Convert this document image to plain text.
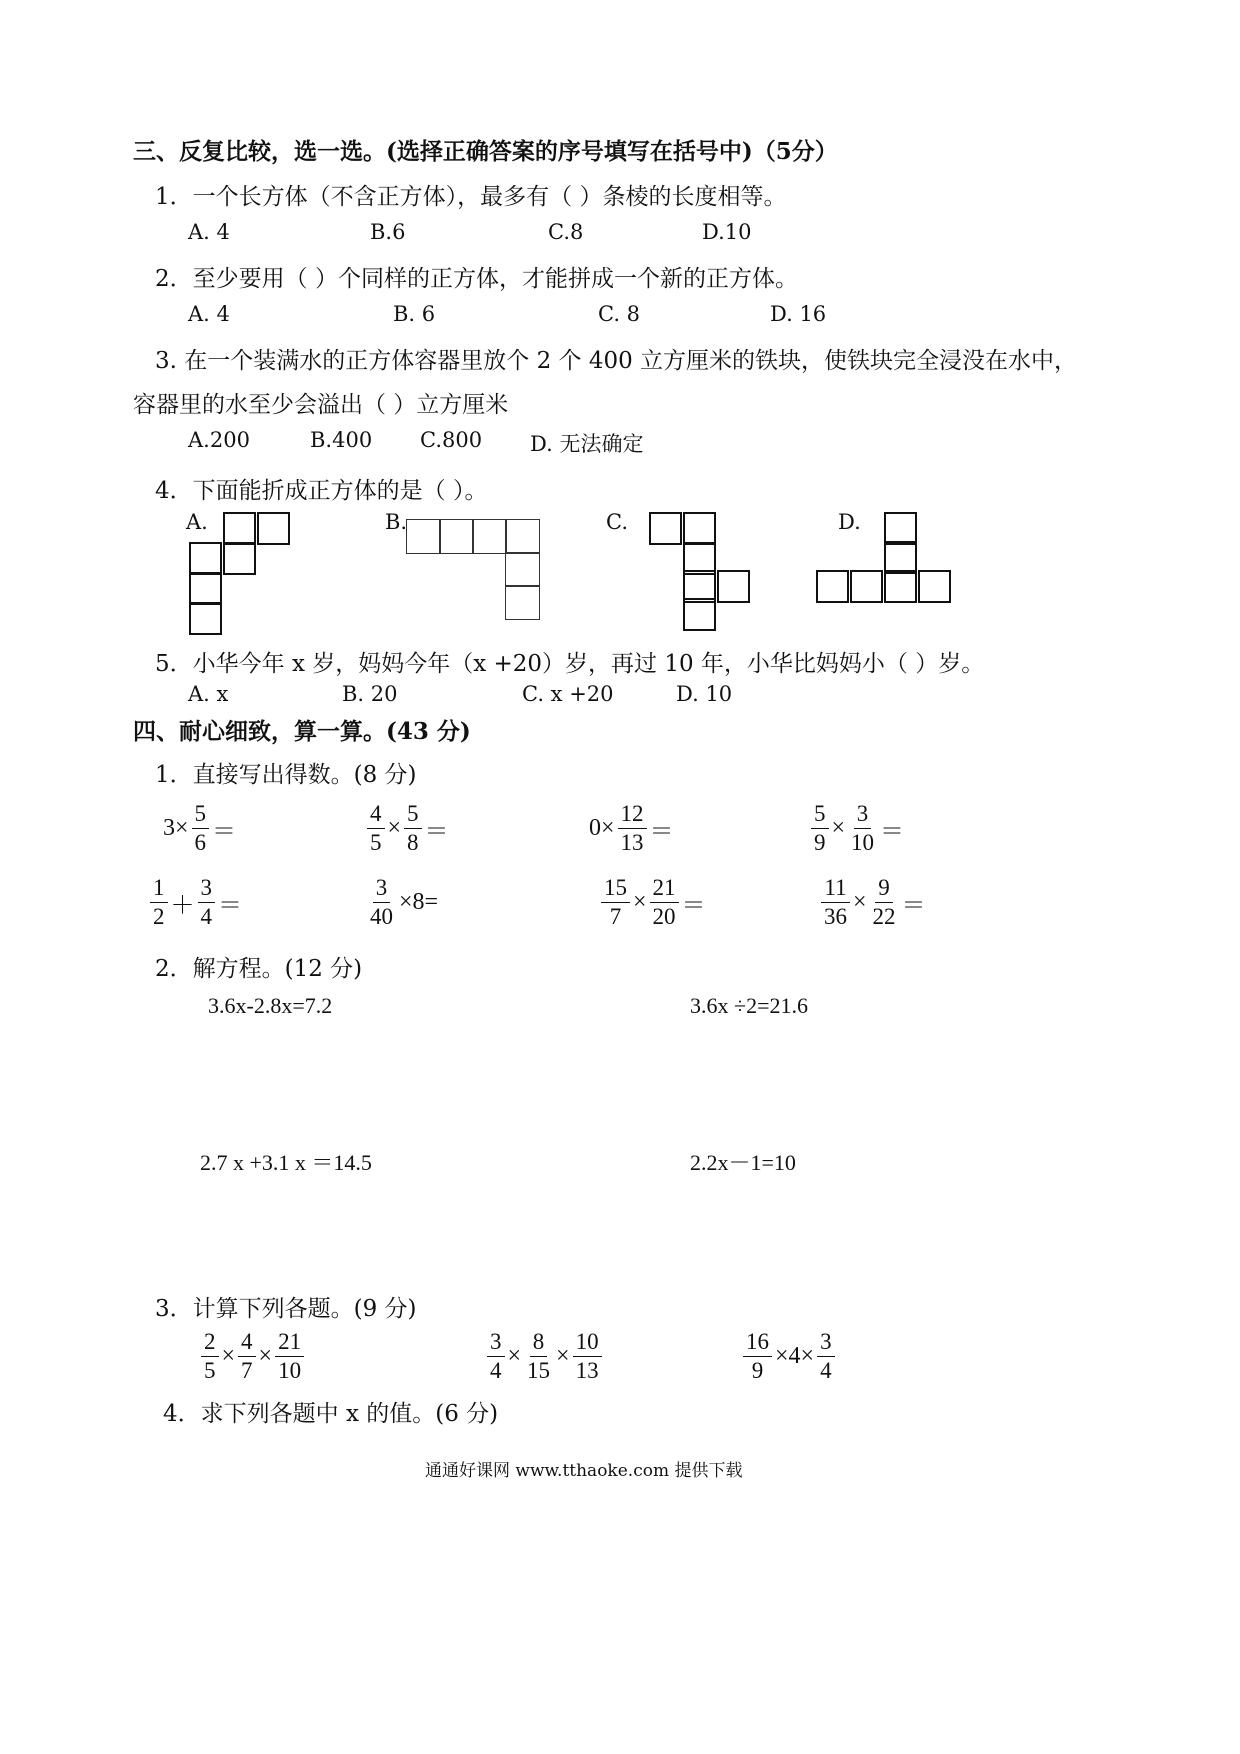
三、反复比较，选一选。(选择正确答案的序号填写在括号中)（5分）
1．一个长方体（不含正方体），最多有（ ）条棱的长度相等。
A. 4	B.6	C.8	D.10
2．至少要用（ ）个同样的正方体，才能拼成一个新的正方体。
A. 4	B. 6	C. 8	D. 16
3. 在一个装满水的正方体容器里放个 2 个 400 立方厘米的铁块，使铁块完全浸没在水中，
容器里的水至少会溢出（ ）立方厘米
A.200	B.400 C.800 D. 无法确定
4．下面能折成正方体的是（ ）。
A.	B.	C.	D.
5．小华今年 x 岁，妈妈今年（x +20）岁，再过 10 年，小华比妈妈小（ ）岁。
A. x	B. 20	C. x +20	D. 10
四、耐心细致，算一算。(43 分)
1．直接写出得数。(8 分)
$3\times \frac{5}{6}$ ＝	$\frac{4}{5} \times \frac{5}{8}$ ＝	$0\times \frac{12}{13}$ ＝	$\frac{5}{9} \times \frac{3}{10}$ ＝
$\frac{1}{2} + \frac{3}{4}$ ＝	$\frac{3}{40} \times 8=$	$\frac{15}{7} \times \frac{21}{20}$ ＝	$\frac{11}{36} \times \frac{9}{22}$ ＝
2．解方程。(12 分)
3.6x-2.8x=7.2	3.6x ÷2=21.6
2.7 x +3.1 x ＝14.5	2.2x－1=10
3．计算下列各题。(9 分)
$\frac{2}{5} \times \frac{4}{7} \times \frac{21}{10}$	$\frac{3}{4} \times \frac{8}{15} \times \frac{10}{13}$	$\frac{16}{9} \times 4\times \frac{3}{4}$
4．求下列各题中 x 的值。(6 分)
通通好课网 www.tthaoke.com 提供下载
